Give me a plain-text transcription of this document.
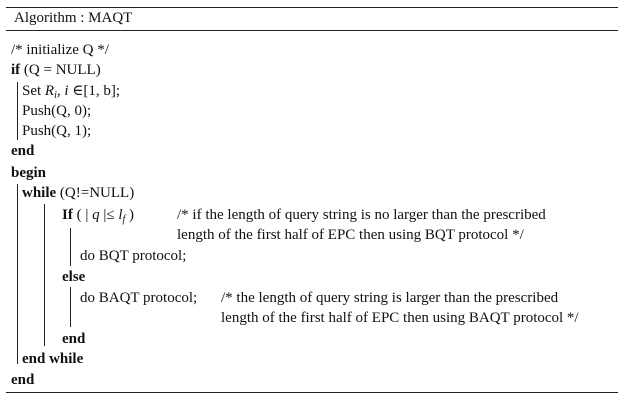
Algorithm : MAQT
/* initialize Q */
if (Q = NULL)
Set $R_i$, i ∈[1, b];
Push(Q, 0);
Push(Q, 1);
end
begin
while (Q!=NULL)
If ( | q |≤ $l_f$ )	/* if the length of query string is no larger than the prescribed
length of the first half of EPC then using BQT protocol */
do BQT protocol;
else
do BAQT protocol; /* the length of query string is larger than the prescribed
length of the first half of EPC then using BAQT protocol */
end
end while
end
